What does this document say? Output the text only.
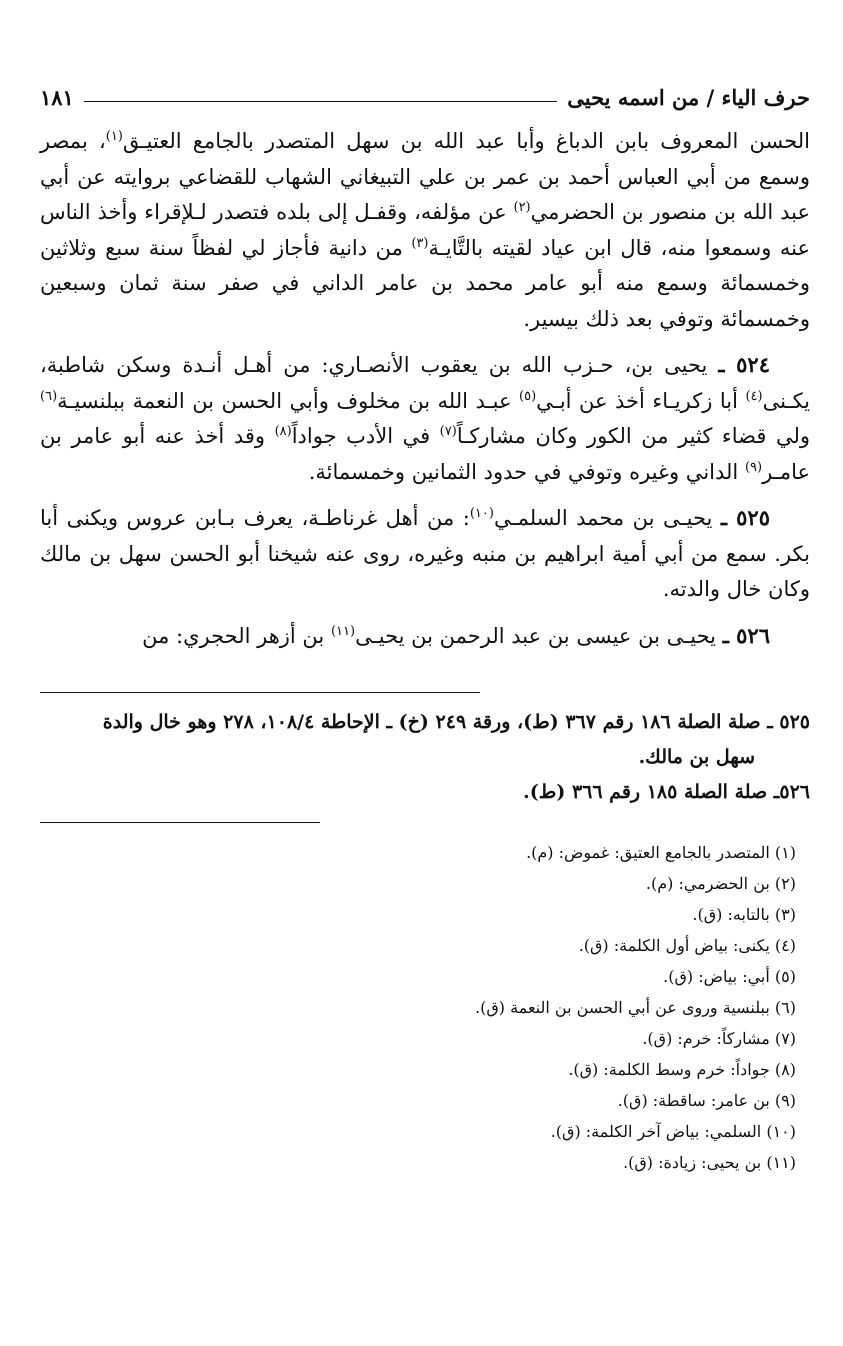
حرف الياء / من اسمه يحيى
١٨١

الحسن المعروف بابن الدباغ وأبا عبد الله بن سهل المتصدر بالجامع العتيـق$^{(١)}$، بمصر وسمع من أبي العباس أحمد بن عمر بن علي التبيغاني الشهاب للقضاعي بروايته عن أبي عبد الله بن منصور بن الحضرمي$^{(٢)}$ عن مؤلفه، وقفـل إلى بلده فتصدر لـلإقراء وأخذ الناس عنه وسمعوا منه، قال ابن عياد لقيته بالتَّايـة$^{(٣)}$ من دانية فأجاز لي لفظاً سنة سبع وثلاثين وخمسمائة وسمع منه أبو عامر محمد بن عامر الداني في صفر سنة ثمان وسبعين وخمسمائة وتوفي بعد ذلك بيسير.

٥٢٤ ـ يحيى بن، حـزب الله بن يعقوب الأنصـاري: من أهـل أنـدة وسكن شاطبة، يكـنى$^{(٤)}$ أبا زكريـاء أخذ عن أبـي$^{(٥)}$ عبـد الله بن مخلوف وأبي الحسن بن النعمة ببلنسيـة$^{(٦)}$ ولي قضاء كثير من الكور وكان مشاركـاً$^{(٧)}$ في الأدب جواداً$^{(٨)}$ وقد أخذ عنه أبو عامر بن عامـر$^{(٩)}$ الداني وغيره وتوفي في حدود الثمانين وخمسمائة.

٥٢٥ ـ يحيـى بن محمد السلمـي$^{(١٠)}$: من أهل غرناطـة، يعرف بـابن عروس ويكنى أبا بكر. سمع من أبي أمية ابراهيم بن منبه وغيره، روى عنه شيخنا أبو الحسن سهل بن مالك وكان خال والدته.

٥٢٦ ـ يحيـى بن عيسى بن عبد الرحمن بن يحيـى$^{(١١)}$ بن أزهر الحجري: من

٥٢٥ ـ صلة الصلة ١٨٦ رقم ٣٦٧ (ط)، ورقة ٢٤٩ (خ) ـ الإحاطة ١٠٨/٤، ٢٧٨ وهو خال والدة

سهل بن مالك.

٥٢٦ـ صلة الصلة ١٨٥ رقم ٣٦٦ (ط).

(١) المتصدر بالجامع العتيق: غموض: (م).
(٢) بن الحضرمي: (م).
(٣) بالتابه: (ق).
(٤) يكنى: بياض أول الكلمة: (ق).
(٥) أبي: بياض: (ق).
(٦) ببلنسية وروى عن أبي الحسن بن النعمة (ق).
(٧) مشاركاً: خرم: (ق).
(٨) جواداً: خرم وسط الكلمة: (ق).
(٩) بن عامر: ساقطة: (ق).
(١٠) السلمي: بياض آخر الكلمة: (ق).
(١١) بن يحيى: زيادة: (ق).
